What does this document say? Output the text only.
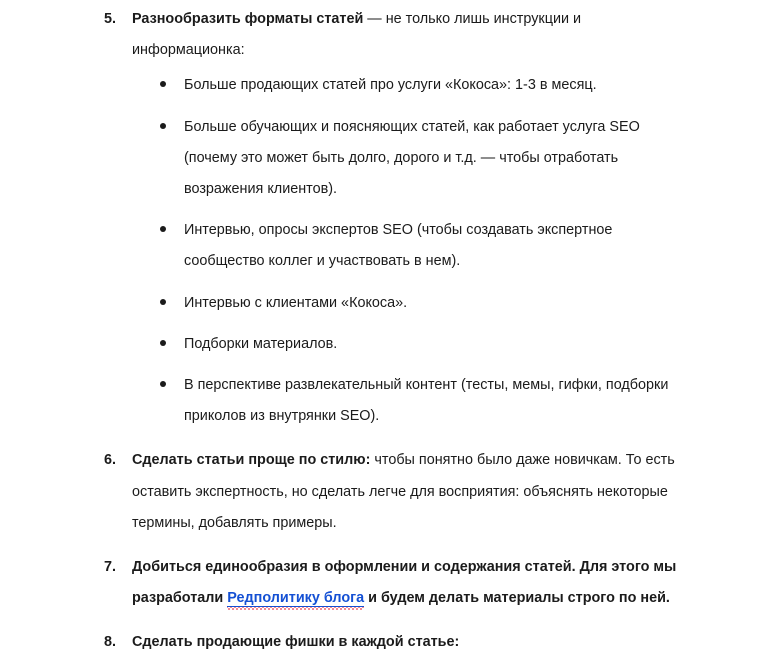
5.	Разнообразить форматы статей — не только лишь инструкции и информационка:
Больше продающих статей про услуги «Кокоса»: 1-3 в месяц.
Больше обучающих и поясняющих статей, как работает услуга SEO (почему это может быть долго, дорого и т.д. — чтобы отработать возражения клиентов).
Интервью, опросы экспертов SEO (чтобы создавать экспертное сообщество коллег и участвовать в нем).
Интервью с клиентами «Кокоса».
Подборки материалов.
В перспективе развлекательный контент (тесты, мемы, гифки, подборки приколов из внутрянки SEO).
6.	Сделать статьи проще по стилю: чтобы понятно было даже новичкам. То есть оставить экспертность, но сделать легче для восприятия: объяснять некоторые термины, добавлять примеры.
7.	Добиться единообразия в оформлении и содержания статей. Для этого мы разработали Редполитику блога
и будем делать материалы строго по ней.
8.	Сделать продающие фишки в каждой статье:
